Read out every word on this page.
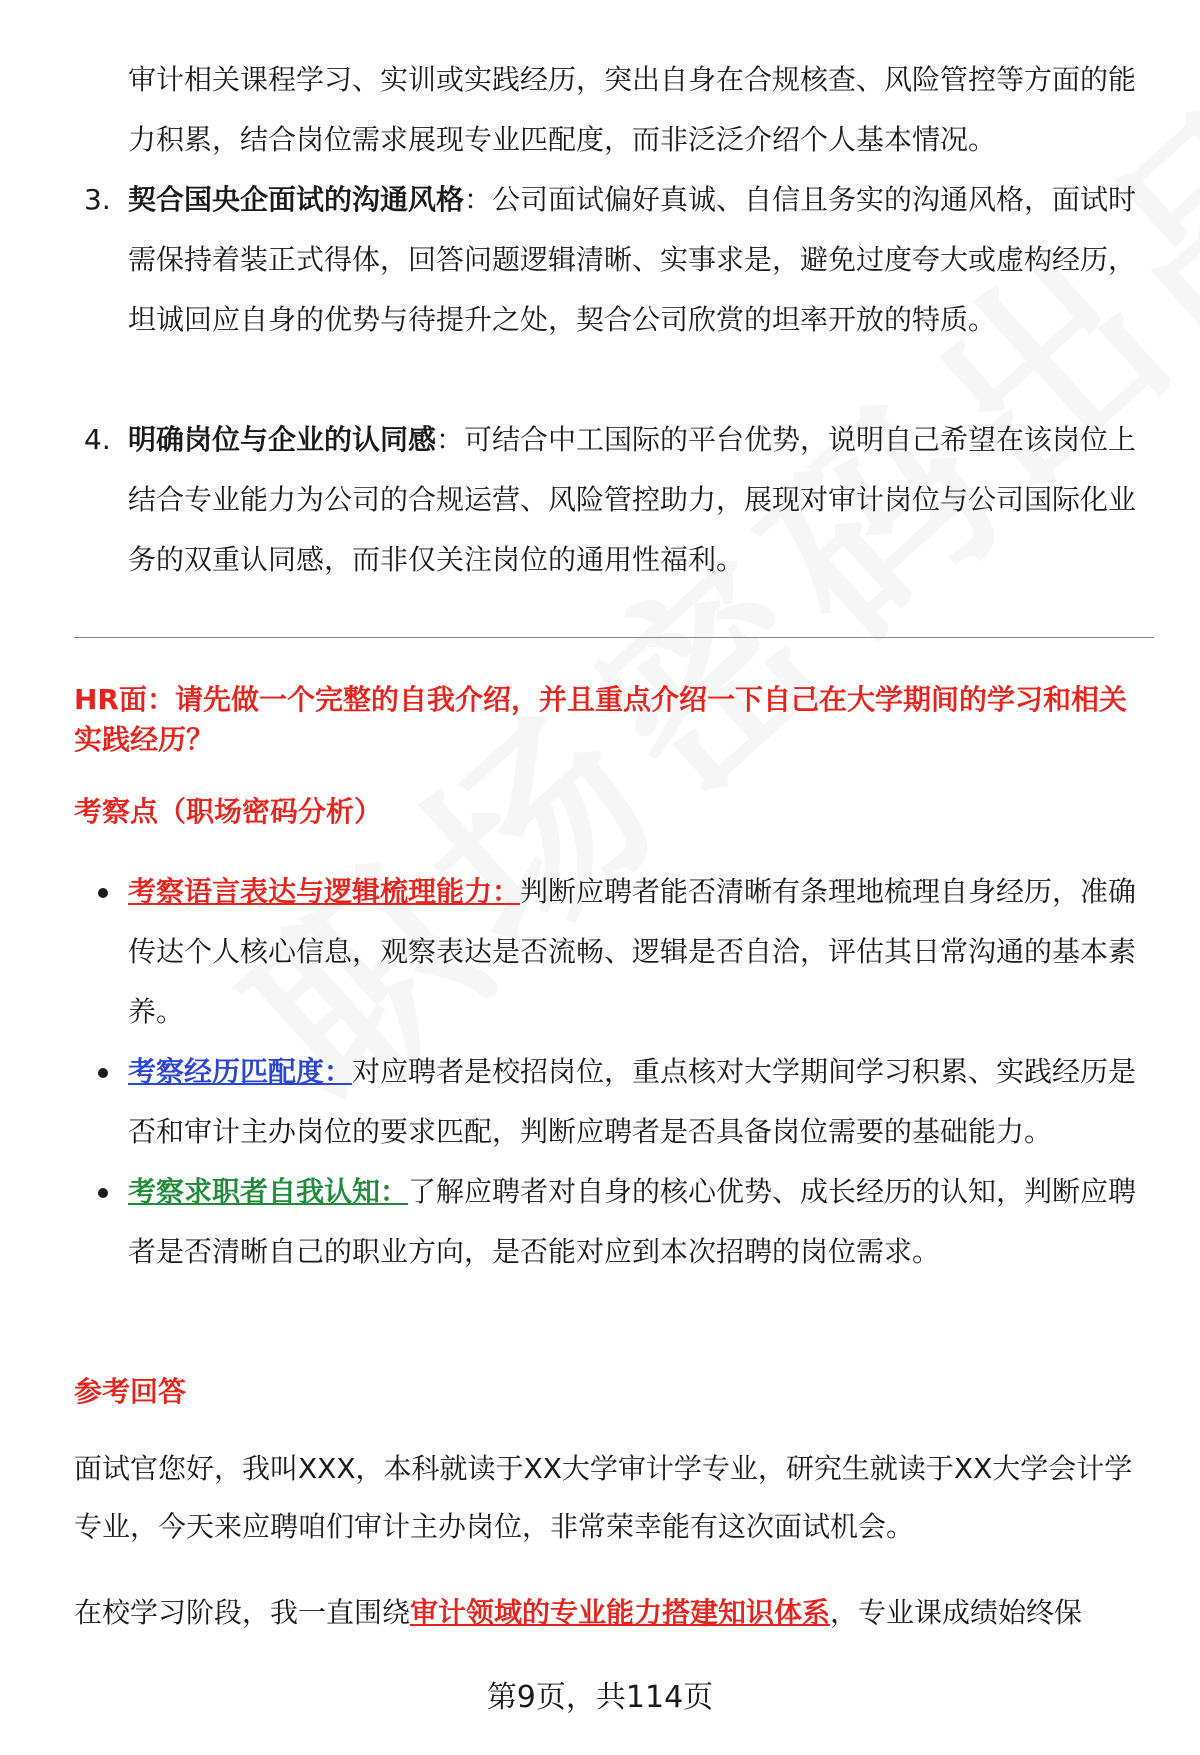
审计相关课程学习、实训或实践经历，突出自身在合规核查、风险管控等方面的能力积累，结合岗位需求展现专业匹配度，而非泛泛介绍个人基本情况。

3. 契合国央企面试的沟通风格：公司面试偏好真诚、自信且务实的沟通风格，面试时需保持着装正式得体，回答问题逻辑清晰、实事求是，避免过度夸大或虚构经历，坦诚回应自身的优势与待提升之处，契合公司欣赏的坦率开放的特质。

4. 明确岗位与企业的认同感：可结合中工国际的平台优势，说明自己希望在该岗位上结合专业能力为公司的合规运营、风险管控助力，展现对审计岗位与公司国际化业务的双重认同感，而非仅关注岗位的通用性福利。

HR面：请先做一个完整的自我介绍，并且重点介绍一下自己在大学期间的学习和相关实践经历？

考察点（职场密码分析）

考察语言表达与逻辑梳理能力：判断应聘者能否清晰有条理地梳理自身经历，准确传达个人核心信息，观察表达是否流畅、逻辑是否自洽，评估其日常沟通的基本素养。

考察经历匹配度：对应聘者是校招岗位，重点核对大学期间学习积累、实践经历是否和审计主办岗位的要求匹配，判断应聘者是否具备岗位需要的基础能力。

考察求职者自我认知：了解应聘者对自身的核心优势、成长经历的认知，判断应聘者是否清晰自己的职业方向，是否能对应到本次招聘的岗位需求。

参考回答

面试官您好，我叫XXX，本科就读于XX大学审计学专业，研究生就读于XX大学会计学专业，今天来应聘咱们审计主办岗位，非常荣幸能有这次面试机会。

在校学习阶段，我一直围绕审计领域的专业能力搭建知识体系，专业课成绩始终保

第9页，共114页
